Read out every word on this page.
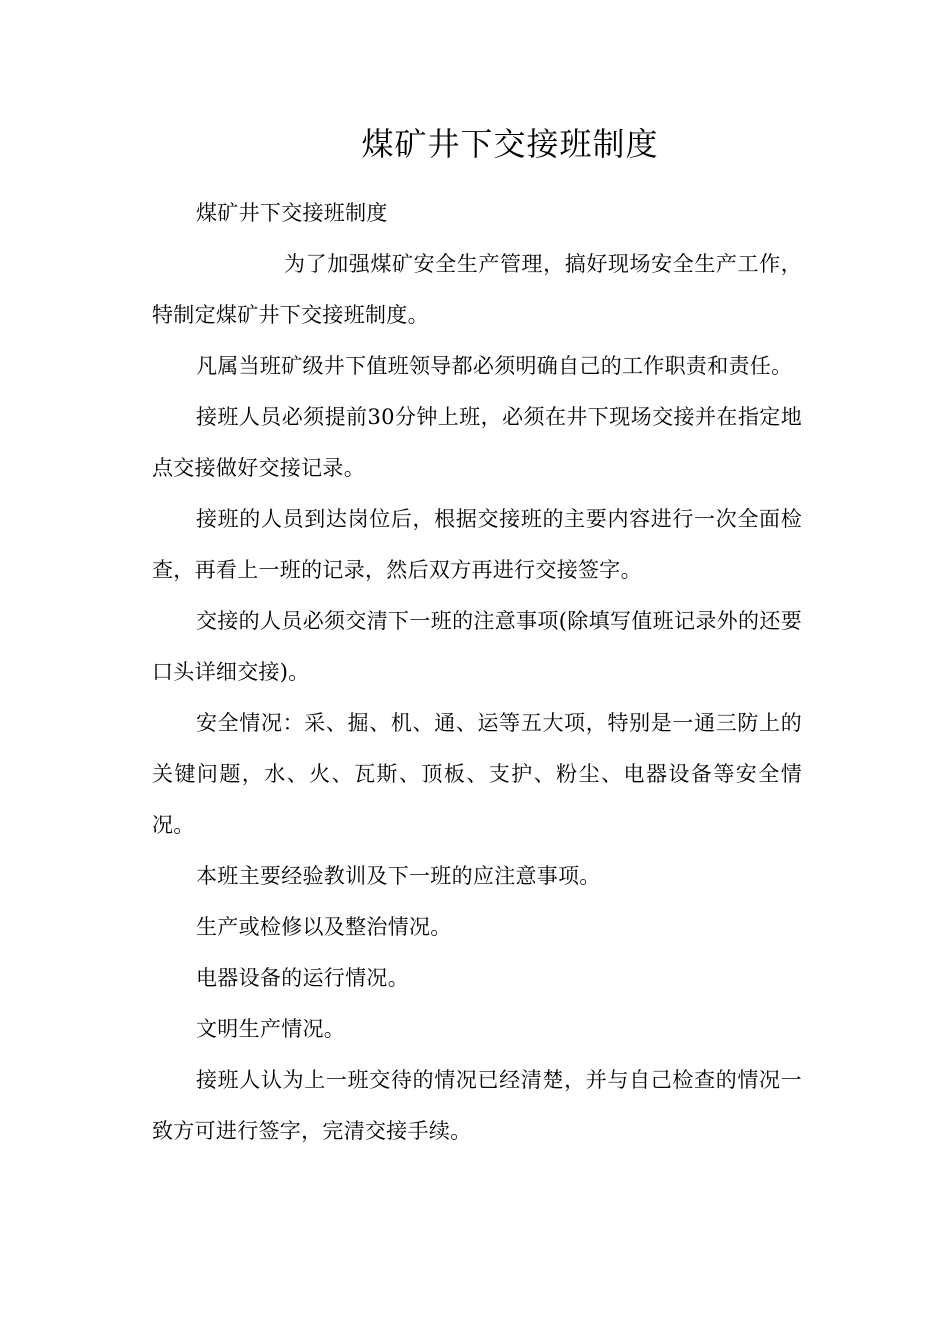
煤矿井下交接班制度

煤矿井下交接班制度

为了加强煤矿安全生产管理，搞好现场安全生产工作，特制定煤矿井下交接班制度。

凡属当班矿级井下值班领导都必须明确自己的工作职责和责任。

接班人员必须提前30分钟上班，必须在井下现场交接并在指定地点交接做好交接记录。

接班的人员到达岗位后，根据交接班的主要内容进行一次全面检查，再看上一班的记录，然后双方再进行交接签字。

交接的人员必须交清下一班的注意事项(除填写值班记录外的还要口头详细交接)。

安全情况：采、掘、机、通、运等五大项，特别是一通三防上的关键问题，水、火、瓦斯、顶板、支护、粉尘、电器设备等安全情况。

本班主要经验教训及下一班的应注意事项。

生产或检修以及整治情况。

电器设备的运行情况。

文明生产情况。

接班人认为上一班交待的情况已经清楚，并与自己检查的情况一致方可进行签字，完清交接手续。
